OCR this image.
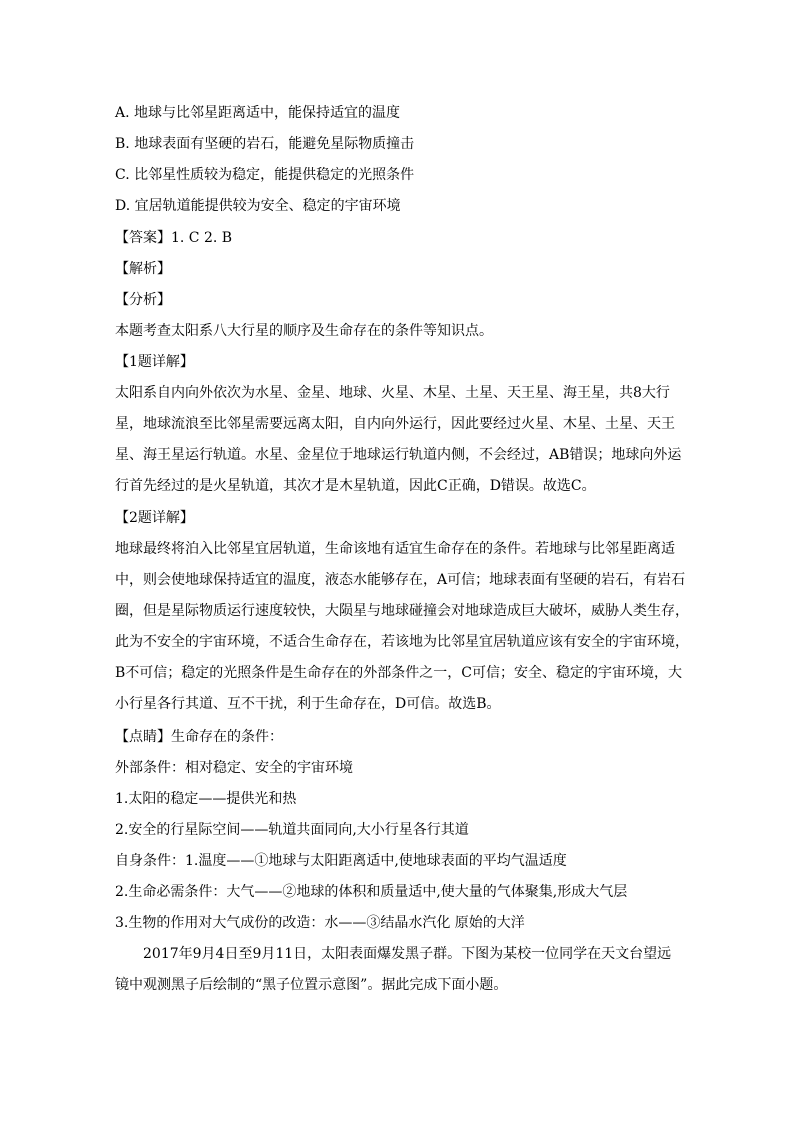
A. 地球与比邻星距离适中，能保持适宜的温度
B. 地球表面有坚硬的岩石，能避免星际物质撞击
C. 比邻星性质较为稳定，能提供稳定的光照条件
D. 宜居轨道能提供较为安全、稳定的宇宙环境
【答案】1. C 2. B
【解析】
【分析】
本题考查太阳系八大行星的顺序及生命存在的条件等知识点。
【1题详解】
太阳系自内向外依次为水星、金星、地球、火星、木星、土星、天王星、海王星，共8大行
星，地球流浪至比邻星需要远离太阳，自内向外运行，因此要经过火星、木星、土星、天王
星、海王星运行轨道。水星、金星位于地球运行轨道内侧，不会经过，AB错误；地球向外运
行首先经过的是火星轨道，其次才是木星轨道，因此C正确，D错误。故选C。
【2题详解】
地球最终将泊入比邻星宜居轨道，生命该地有适宜生命存在的条件。若地球与比邻星距离适
中，则会使地球保持适宜的温度，液态水能够存在，A可信；地球表面有坚硬的岩石，有岩石
圈，但是星际物质运行速度较快，大陨星与地球碰撞会对地球造成巨大破坏，威胁人类生存，
此为不安全的宇宙环境，不适合生命存在，若该地为比邻星宜居轨道应该有安全的宇宙环境，
B不可信；稳定的光照条件是生命存在的外部条件之一，C可信；安全、稳定的宇宙环境，大
小行星各行其道、互不干扰，利于生命存在，D可信。故选B。
【点睛】生命存在的条件：
外部条件：相对稳定、安全的宇宙环境
1.太阳的稳定——提供光和热
2.安全的行星际空间——轨道共面同向,大小行星各行其道
自身条件：1.温度——①地球与太阳距离适中,使地球表面的平均气温适度
2.生命必需条件：大气——②地球的体积和质量适中,使大量的气体聚集,形成大气层
3.生物的作用对大气成份的改造：水——③结晶水汽化 原始的大洋
2017年9月4日至9月11日，太阳表面爆发黑子群。下图为某校一位同学在天文台望远
镜中观测黑子后绘制的“黑子位置示意图”。据此完成下面小题。
